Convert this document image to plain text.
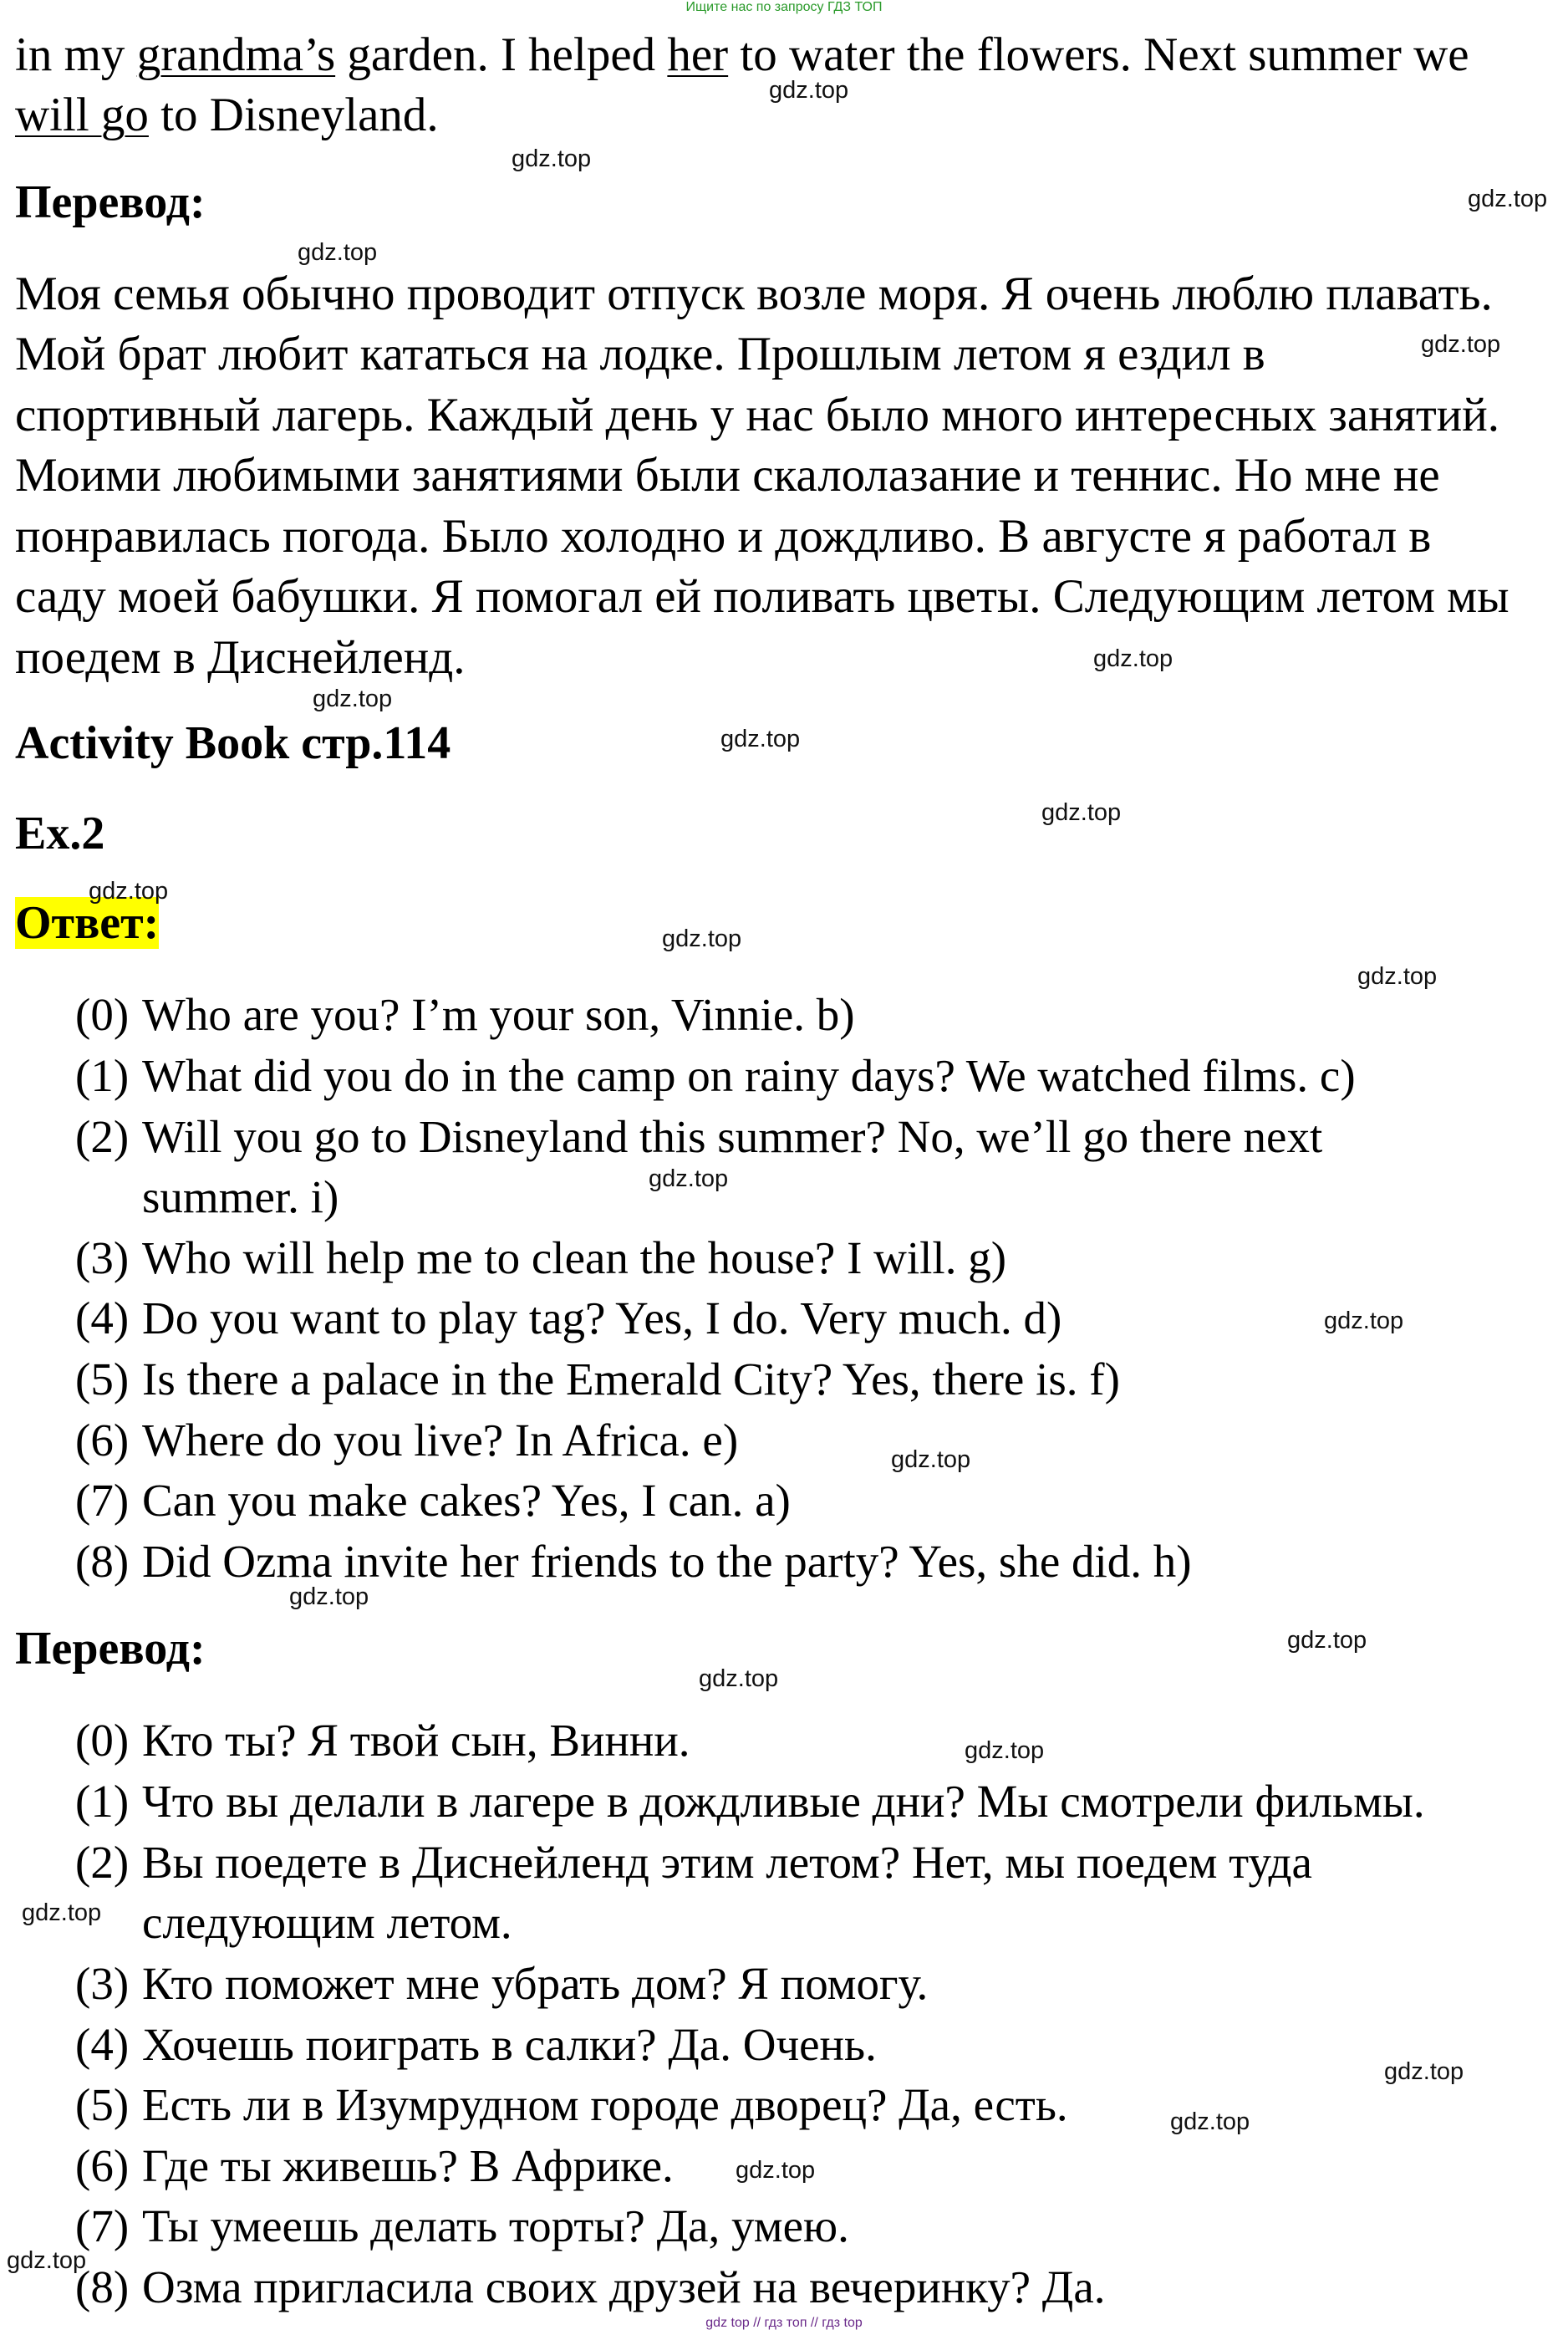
Ищите нас по запросу ГДЗ ТОП
in my grandma’s garden. I helped her to water the flowers. Next summer we
will go to Disneyland.
Перевод:
Моя семья обычно проводит отпуск возле моря. Я очень люблю плавать.
Мой брат любит кататься на лодке. Прошлым летом я ездил в
спортивный лагерь. Каждый день у нас было много интересных занятий.
Моими любимыми занятиями были скалолазание и теннис. Но мне не
понравилась погода. Было холодно и дождливо. В августе я работал в
саду моей бабушки. Я помогал ей поливать цветы. Следующим летом мы
поедем в Диснейленд.
Activity Book стр.114
Ex.2
Ответ:
(0) Who are you? I’m your son, Vinnie. b)
(1) What did you do in the camp on rainy days? We watched films. c)
(2) Will you go to Disneyland this summer? No, we’ll go there next
summer. i)
(3) Who will help me to clean the house? I will. g)
(4) Do you want to play tag? Yes, I do. Very much. d)
(5) Is there a palace in the Emerald City? Yes, there is. f)
(6) Where do you live? In Africa. e)
(7) Can you make cakes? Yes, I can. a)
(8) Did Ozma invite her friends to the party? Yes, she did. h)
Перевод:
(0) Кто ты? Я твой сын, Винни.
(1) Что вы делали в лагере в дождливые дни? Мы смотрели фильмы.
(2) Вы поедете в Диснейленд этим летом? Нет, мы поедем туда
следующим летом.
(3) Кто поможет мне убрать дом? Я помогу.
(4) Хочешь поиграть в салки? Да. Очень.
(5) Есть ли в Изумрудном городе дворец? Да, есть.
(6) Где ты живешь? В Африке.
(7) Ты умеешь делать торты? Да, умею.
(8) Озма пригласила своих друзей на вечеринку? Да.
gdz.top
gdz.top
gdz.top
gdz.top
gdz.top
gdz.top
gdz.top
gdz.top
gdz.top
gdz.top
gdz.top
gdz.top
gdz.top
gdz.top
gdz.top
gdz.top
gdz.top
gdz.top
gdz.top
gdz.top
gdz.top
gdz.top
gdz.top
gdz.top
gdz top // гдз топ // гдз top
